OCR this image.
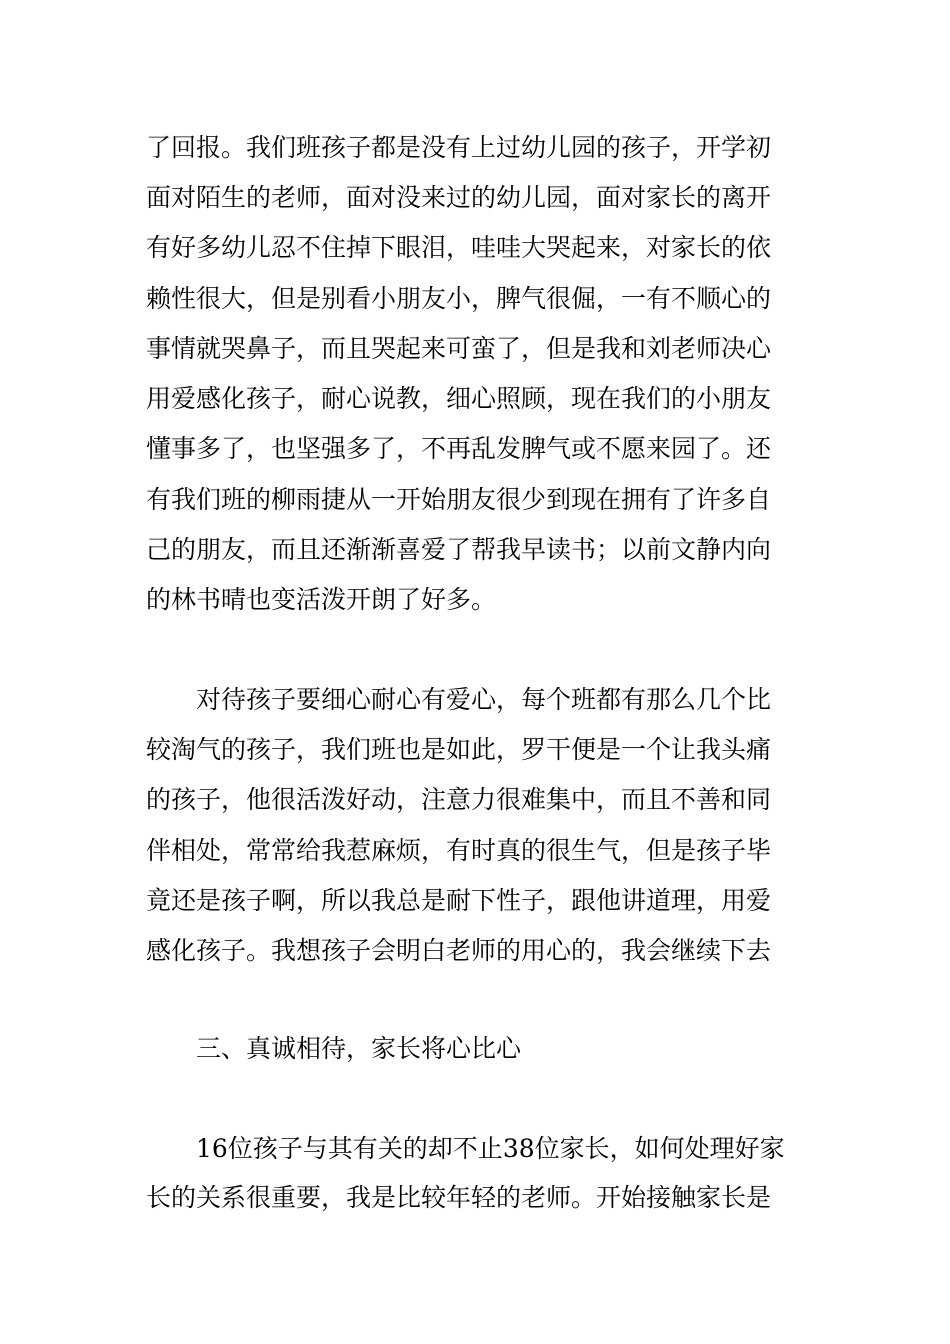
了回报。我们班孩子都是没有上过幼儿园的孩子，开学初
面对陌生的老师，面对没来过的幼儿园，面对家长的离开
有好多幼儿忍不住掉下眼泪，哇哇大哭起来，对家长的依
赖性很大，但是别看小朋友小，脾气很倔，一有不顺心的
事情就哭鼻子，而且哭起来可蛮了，但是我和刘老师决心
用爱感化孩子，耐心说教，细心照顾，现在我们的小朋友
懂事多了，也坚强多了，不再乱发脾气或不愿来园了。还
有我们班的柳雨捷从一开始朋友很少到现在拥有了许多自
己的朋友，而且还渐渐喜爱了帮我早读书；以前文静内向
的林书晴也变活泼开朗了好多。
对待孩子要细心耐心有爱心，每个班都有那么几个比
较淘气的孩子，我们班也是如此，罗干便是一个让我头痛
的孩子，他很活泼好动，注意力很难集中，而且不善和同
伴相处，常常给我惹麻烦，有时真的很生气，但是孩子毕
竟还是孩子啊，所以我总是耐下性子，跟他讲道理，用爱
感化孩子。我想孩子会明白老师的用心的，我会继续下去
三、真诚相待，家长将心比心
16位孩子与其有关的却不止38位家长，如何处理好家
长的关系很重要，我是比较年轻的老师。开始接触家长是
